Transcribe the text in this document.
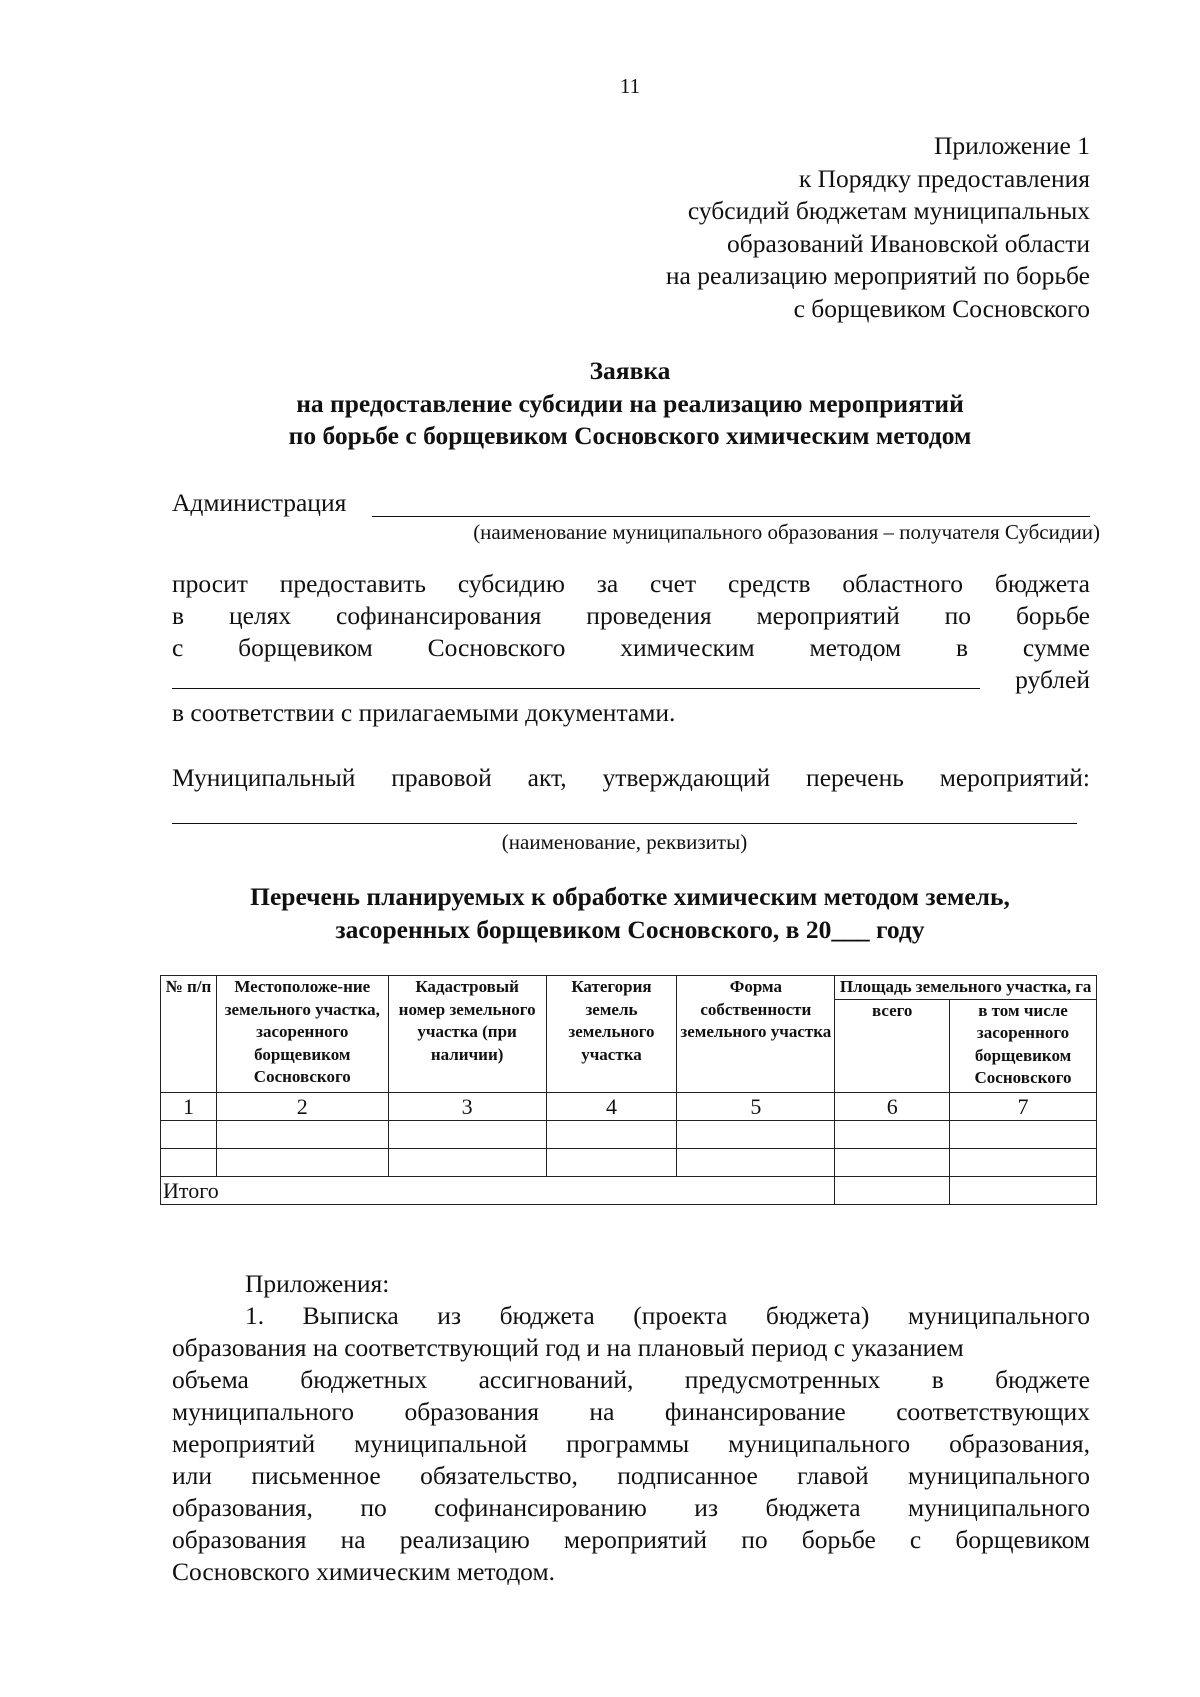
11
Приложение 1
к Порядку предоставления
субсидий бюджетам муниципальных
образований Ивановской области
на реализацию мероприятий по борьбе
с борщевиком Сосновского
Заявка
на предоставление субсидии на реализацию мероприятий
по борьбе с борщевиком Сосновского химическим методом
Администрация
(наименование муниципального образования – получателя Субсидии)
просит предоставить субсидию за счет средств областного бюджета
в целях софинансирования проведения мероприятий по борьбе
с борщевиком Сосновского химическим методом в сумме
рублей
в соответствии с прилагаемыми документами.
Муниципальный правовой акт, утверждающий перечень мероприятий:
(наименование, реквизиты)
Перечень планируемых к обработке химическим методом земель,
засоренных борщевиком Сосновского, в 20___ году
№ п/п	Местоположе-ние земельного участка, засоренного борщевиком Сосновского	Кадастровый номер земельного участка (при наличии)	Категория земель земельного участка	Форма собственности земельного участка	Площадь земельного участка, га	
					всего	в том числе засоренного борщевиком Сосновского
1	2	3	4	5	6	7

Итого						
Приложения:
1. Выписка из бюджета (проекта бюджета) муниципального
образования на соответствующий год и на плановый период с указанием
объема бюджетных ассигнований, предусмотренных в бюджете
муниципального образования на финансирование соответствующих
мероприятий муниципальной программы муниципального образования,
или письменное обязательство, подписанное главой муниципального
образования, по софинансированию из бюджета муниципального
образования на реализацию мероприятий по борьбе с борщевиком
Сосновского химическим методом.
